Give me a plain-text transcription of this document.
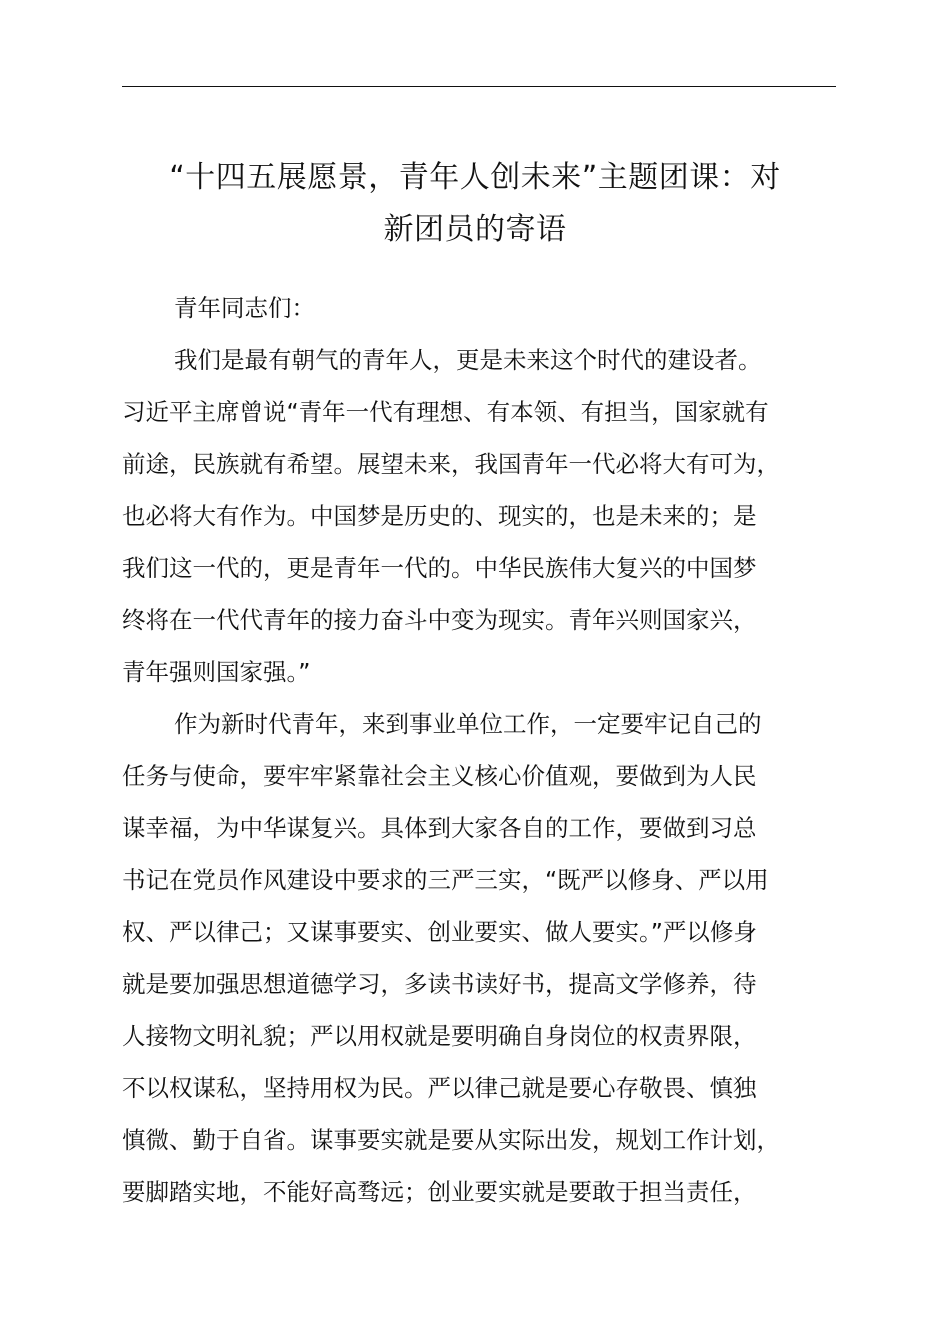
“十四五展愿景，青年人创未来”主题团课：对
新团员的寄语
青年同志们：
我们是最有朝气的青年人，更是未来这个时代的建设者。
习近平主席曾说“青年一代有理想、有本领、有担当，国家就有
前途，民族就有希望。展望未来，我国青年一代必将大有可为，
也必将大有作为。中国梦是历史的、现实的，也是未来的；是
我们这一代的，更是青年一代的。中华民族伟大复兴的中国梦
终将在一代代青年的接力奋斗中变为现实。青年兴则国家兴，
青年强则国家强。”
作为新时代青年，来到事业单位工作，一定要牢记自己的
任务与使命，要牢牢紧靠社会主义核心价值观，要做到为人民
谋幸福，为中华谋复兴。具体到大家各自的工作，要做到习总
书记在党员作风建设中要求的三严三实，“既严以修身、严以用
权、严以律己；又谋事要实、创业要实、做人要实。”严以修身
就是要加强思想道德学习，多读书读好书，提高文学修养，待
人接物文明礼貌；严以用权就是要明确自身岗位的权责界限，
不以权谋私，坚持用权为民。严以律己就是要心存敬畏、慎独
慎微、勤于自省。谋事要实就是要从实际出发，规划工作计划，
要脚踏实地，不能好高骛远；创业要实就是要敢于担当责任，
